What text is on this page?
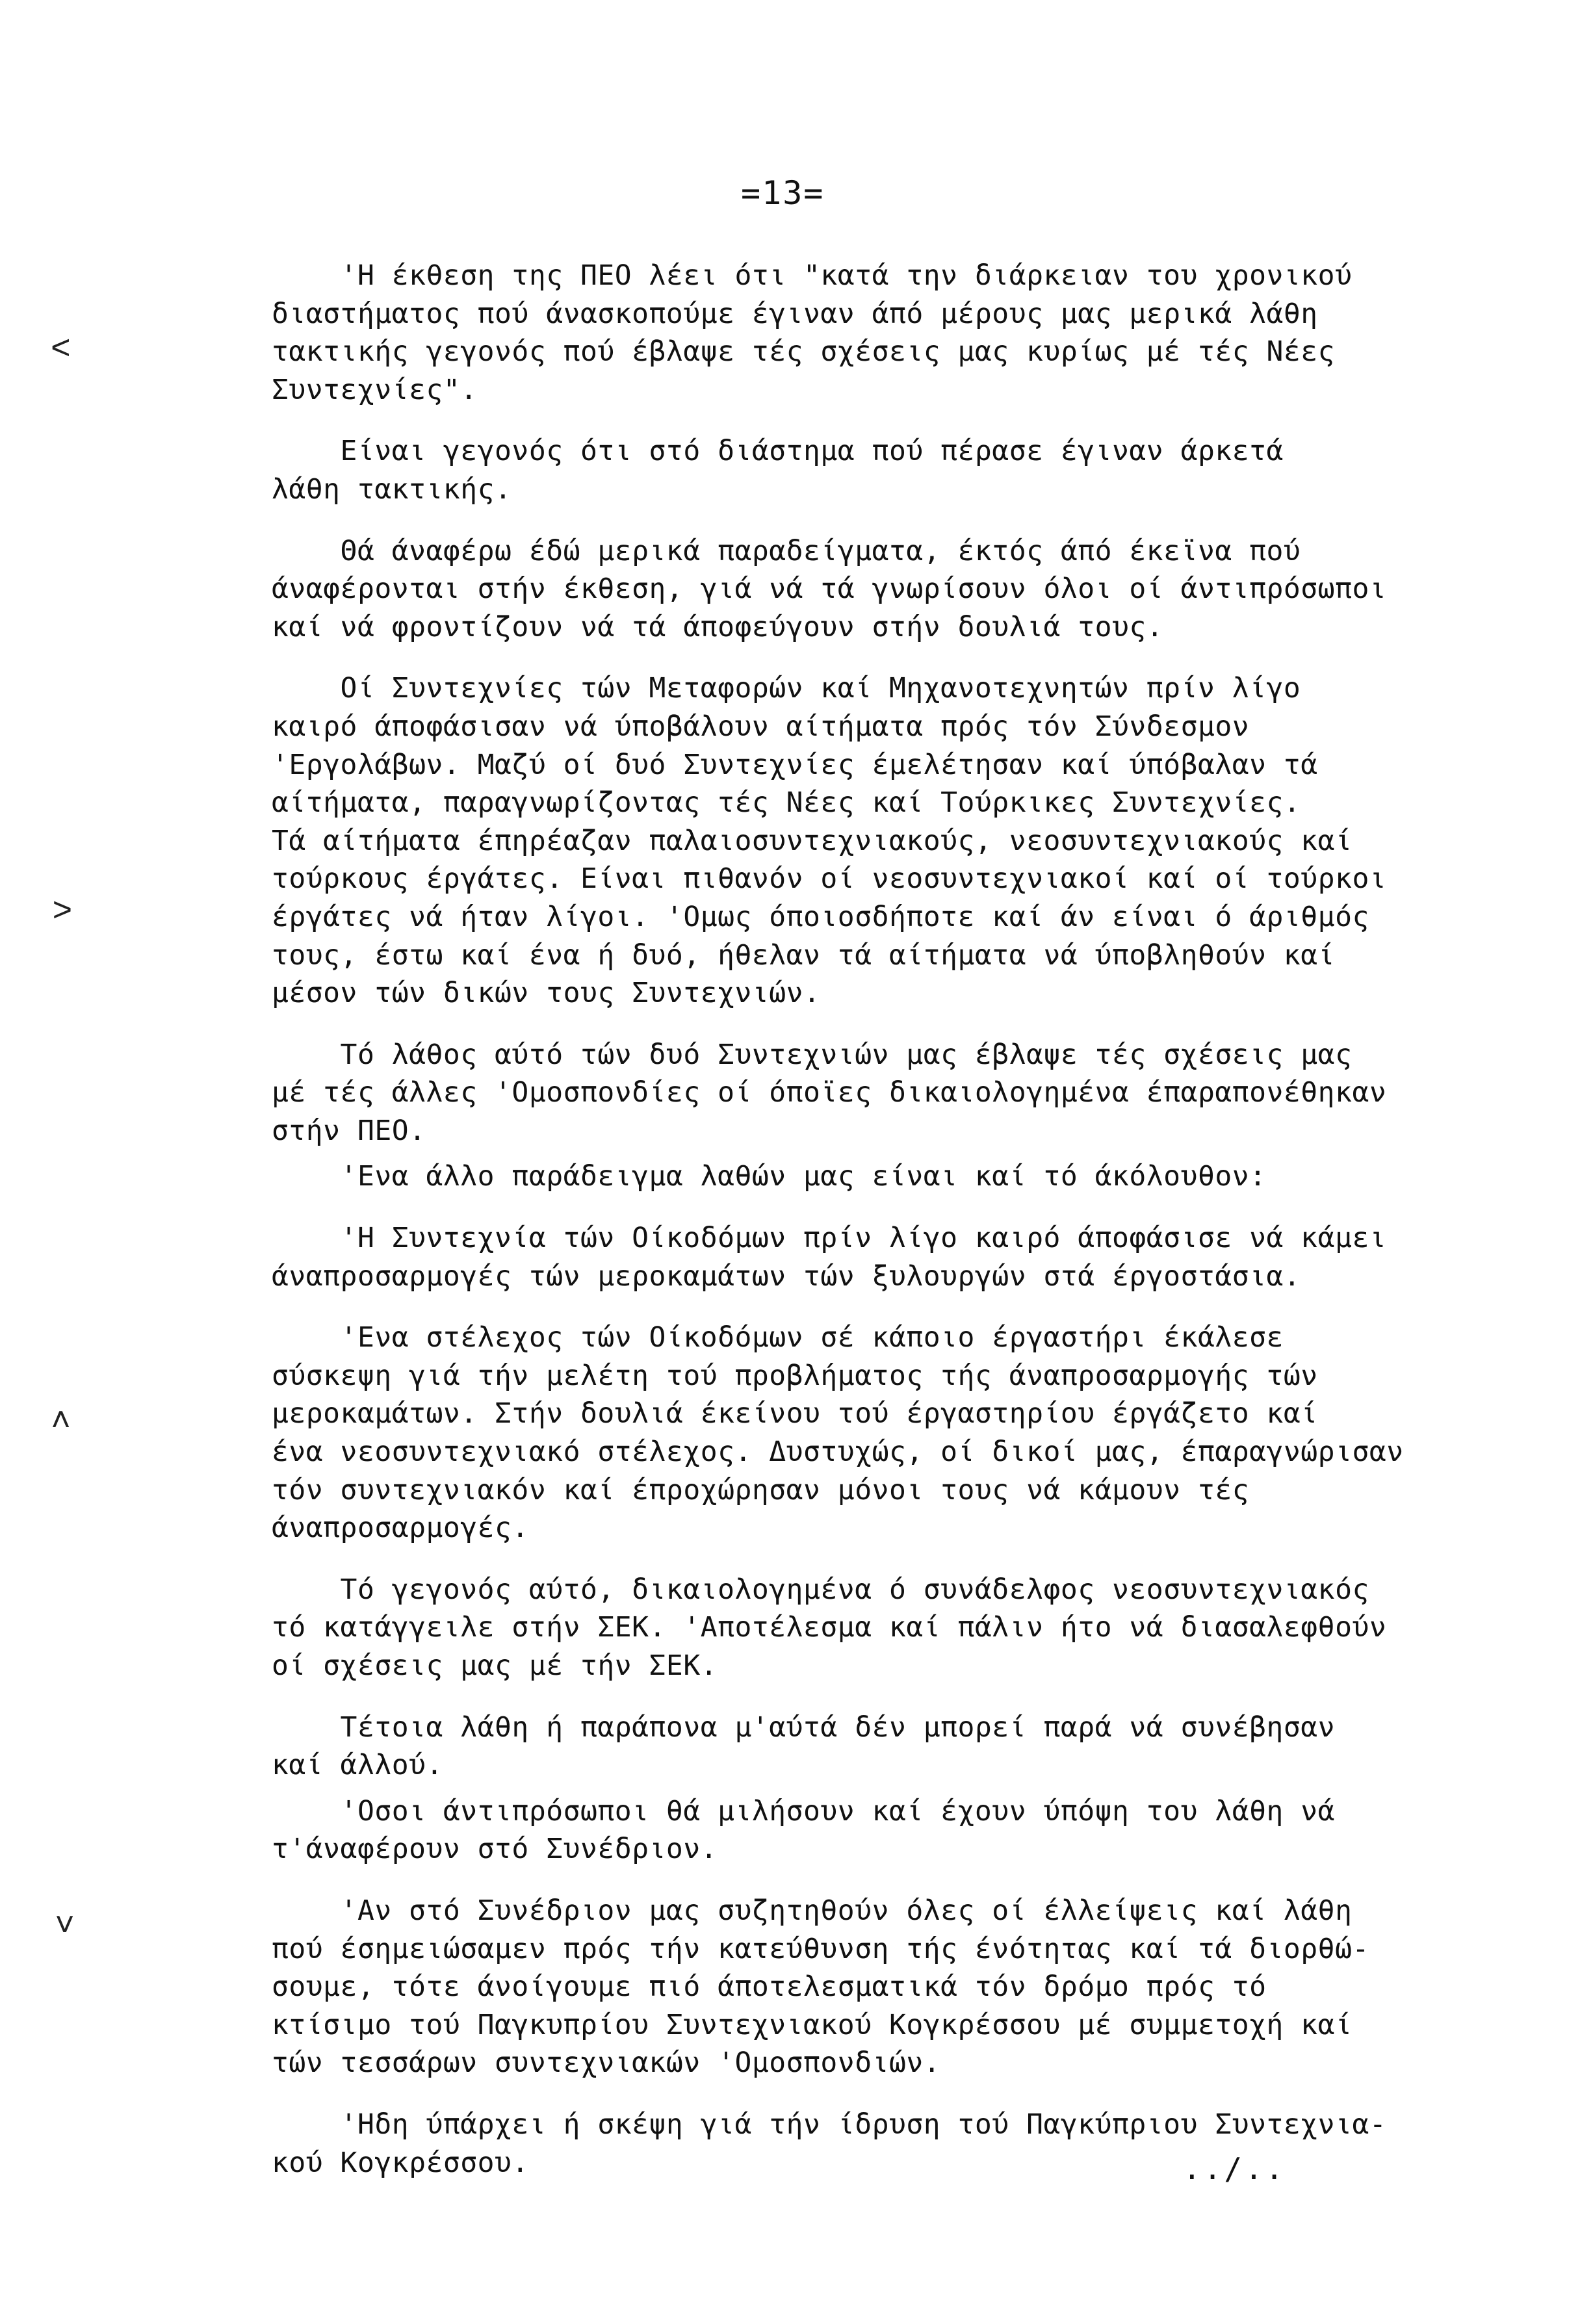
=13=
˂
˃
˄
˅
'Η έκθεση της ΠΕΟ λέει ότι "κατά την διάρκειαν του χρονικού
διαστήματος πού άνασκοπούμε έγιναν άπό μέρους μας μερικά λάθη
τακτικής γεγονός πού έβλαψε τές σχέσεις μας κυρίως μέ τές Νέες
Συντεχνίες".
Είναι γεγονός ότι στό διάστημα πού πέρασε έγιναν άρκετά
λάθη τακτικής.
Θά άναφέρω έδώ μερικά παραδείγματα, έκτός άπό έκεϊνα πού
άναφέρονται στήν έκθεση, γιά νά τά γνωρίσουν όλοι οί άντιπρόσωποι
καί νά φροντίζουν νά τά άποφεύγουν στήν δουλιά τους.
Οί Συντεχνίες τών Μεταφορών καί Μηχανοτεχνητών πρίν λίγο
καιρό άποφάσισαν νά ύποβάλουν αίτήματα πρός τόν Σύνδεσμον
'Εργολάβων. Μαζύ οί δυό Συντεχνίες έμελέτησαν καί ύπόβαλαν τά
αίτήματα, παραγνωρίζοντας τές Νέες καί Τούρκικες Συντεχνίες.
Τά αίτήματα έπηρέαζαν παλαιοσυντεχνιακούς, νεοσυντεχνιακούς καί
τούρκους έργάτες. Είναι πιθανόν οί νεοσυντεχνιακοί καί οί τούρκοι
έργάτες νά ήταν λίγοι. 'Ομως όποιοσδήποτε καί άν είναι ό άριθμός
τους, έστω καί ένα ή δυό, ήθελαν τά αίτήματα νά ύποβληθούν καί
μέσον τών δικών τους Συντεχνιών.
Τό λάθος αύτό τών δυό Συντεχνιών μας έβλαψε τές σχέσεις μας
μέ τές άλλες 'Ομοσπονδίες οί όποϊες δικαιολογημένα έπαραπονέθηκαν
στήν ΠΕΟ.
'Ενα άλλο παράδειγμα λαθών μας είναι καί τό άκόλουθον:
'Η Συντεχνία τών Οίκοδόμων πρίν λίγο καιρό άποφάσισε νά κάμει
άναπροσαρμογές τών μεροκαμάτων τών ξυλουργών στά έργοστάσια.
'Ενα στέλεχος τών Οίκοδόμων σέ κάποιο έργαστήρι έκάλεσε
σύσκεψη γιά τήν μελέτη τού προβλήματος τής άναπροσαρμογής τών
μεροκαμάτων. Στήν δουλιά έκείνου τού έργαστηρίου έργάζετο καί
ένα νεοσυντεχνιακό στέλεχος. Δυστυχώς, οί δικοί μας, έπαραγνώρισαν
τόν συντεχνιακόν καί έπροχώρησαν μόνοι τους νά κάμουν τές
άναπροσαρμογές.
Τό γεγονός αύτό, δικαιολογημένα ό συνάδελφος νεοσυντεχνιακός
τό κατάγγειλε στήν ΣΕΚ. 'Αποτέλεσμα καί πάλιν ήτο νά διασαλεφθούν
οί σχέσεις μας μέ τήν ΣΕΚ.
Τέτοια λάθη ή παράπονα μ'αύτά δέν μπορεί παρά νά συνέβησαν
καί άλλού.
'Οσοι άντιπρόσωποι θά μιλήσουν καί έχουν ύπόψη του λάθη νά
τ'άναφέρουν στό Συνέδριον.
'Αν στό Συνέδριον μας συζητηθούν όλες οί έλλείψεις καί λάθη
πού έσημειώσαμεν πρός τήν κατεύθυνση τής ένότητας καί τά διορθώ-
σουμε, τότε άνοίγουμε πιό άποτελεσματικά τόν δρόμο πρός τό
κτίσιμο τού Παγκυπρίου Συντεχνιακού Κογκρέσσου μέ συμμετοχή καί
τών τεσσάρων συντεχνιακών 'Ομοσπονδιών.
'Ηδη ύπάρχει ή σκέψη γιά τήν ίδρυση τού Παγκύπριου Συντεχνια-
κού Κογκρέσσου.	../..
